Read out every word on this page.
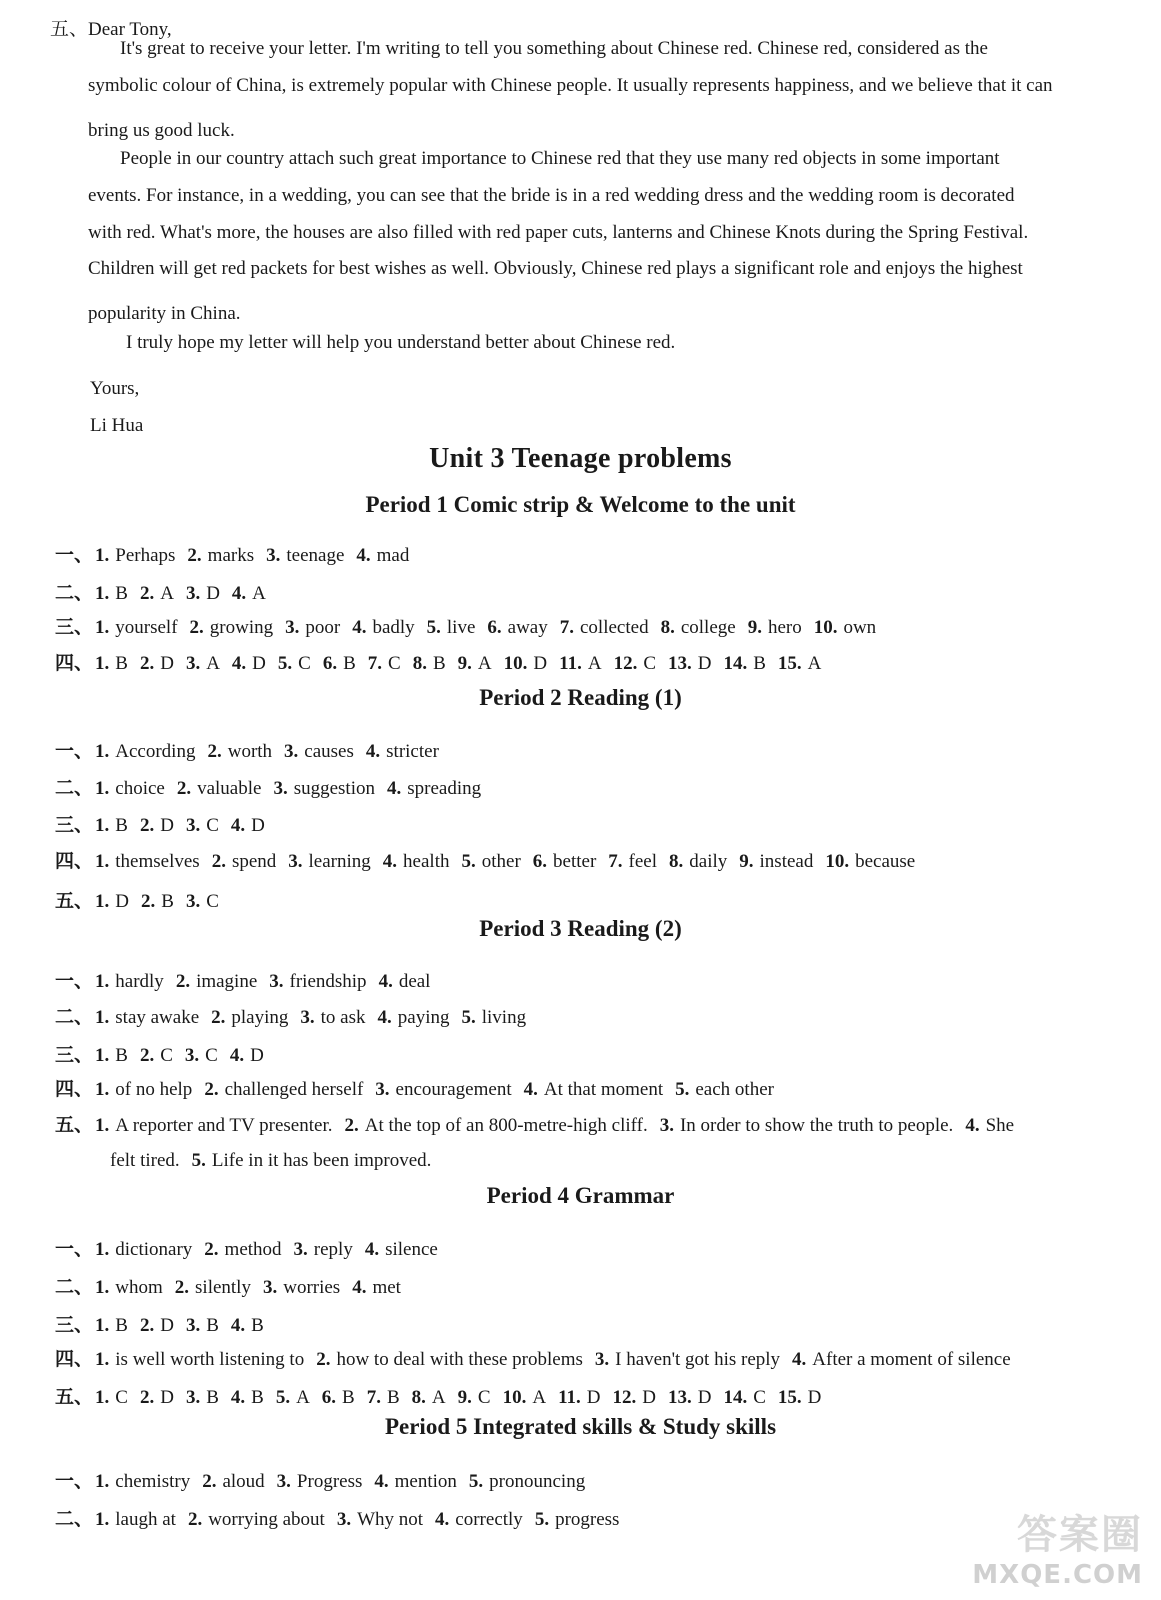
五、Dear Tony,
It's great to receive your letter. I'm writing to tell you something about Chinese red. Chinese red, considered as the
symbolic colour of China, is extremely popular with Chinese people. It usually represents happiness, and we believe that it can
bring us good luck.
People in our country attach such great importance to Chinese red that they use many red objects in some important
events. For instance, in a wedding, you can see that the bride is in a red wedding dress and the wedding room is decorated
with red. What's more, the houses are also filled with red paper cuts, lanterns and Chinese Knots during the Spring Festival.
Children will get red packets for best wishes as well. Obviously, Chinese red plays a significant role and enjoys the highest
popularity in China.
I truly hope my letter will help you understand better about Chinese red.
Yours,
Li Hua
Unit 3 Teenage problems
Period 1 Comic strip & Welcome to the unit
一、 1. Perhaps 2. marks 3. teenage 4. mad
二、 1. B 2. A 3. D 4. A
三、 1. yourself 2. growing 3. poor 4. badly 5. live 6. away 7. collected 8. college 9. hero 10. own
四、 1. B 2. D 3. A 4. D 5. C 6. B 7. C 8. B 9. A 10. D 11. A 12. C 13. D 14. B 15. A
Period 2 Reading (1)
一、 1. According 2. worth 3. causes 4. stricter
二、 1. choice 2. valuable 3. suggestion 4. spreading
三、 1. B 2. D 3. C 4. D
四、 1. themselves 2. spend 3. learning 4. health 5. other 6. better 7. feel 8. daily 9. instead 10. because
五、 1. D 2. B 3. C
Period 3 Reading (2)
一、 1. hardly 2. imagine 3. friendship 4. deal
二、 1. stay awake 2. playing 3. to ask 4. paying 5. living
三、 1. B 2. C 3. C 4. D
四、 1. of no help 2. challenged herself 3. encouragement 4. At that moment 5. each other
五、 1. A reporter and TV presenter. 2. At the top of an 800-metre-high cliff. 3. In order to show the truth to people. 4. She
felt tired. 5. Life in it has been improved.
Period 4 Grammar
一、 1. dictionary 2. method 3. reply 4. silence
二、 1. whom 2. silently 3. worries 4. met
三、 1. B 2. D 3. B 4. B
四、 1. is well worth listening to 2. how to deal with these problems 3. I haven't got his reply 4. After a moment of silence
五、 1. C 2. D 3. B 4. B 5. A 6. B 7. B 8. A 9. C 10. A 11. D 12. D 13. D 14. C 15. D
Period 5 Integrated skills & Study skills
一、 1. chemistry 2. aloud 3. Progress 4. mention 5. pronouncing
二、 1. laugh at 2. worrying about 3. Why not 4. correctly 5. progress	答案圈
MXQE.COM
